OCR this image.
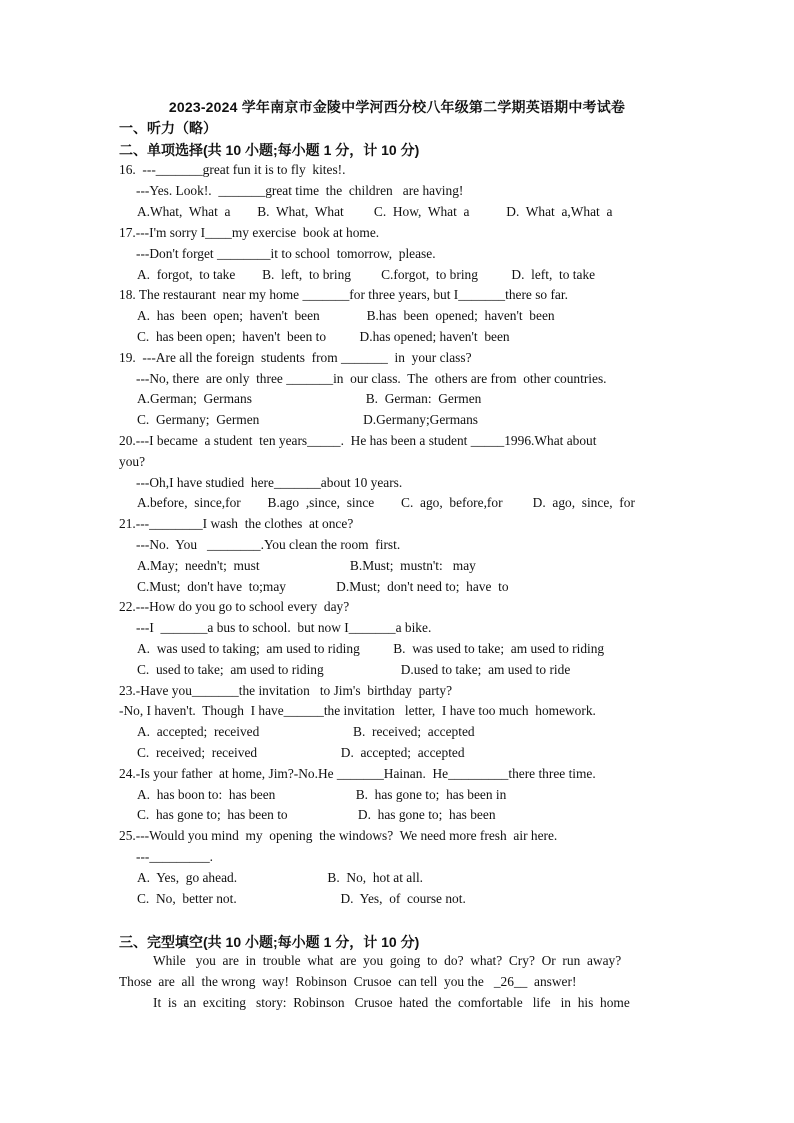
2023-2024 学年南京市金陵中学河西分校八年级第二学期英语期中考试卷
一、听力（略）
二、单项选择(共 10 小题;每小题 1 分，计 10 分)
16.  ---_______great fun it is to fly  kites!.
---Yes. Look!.  _______great time  the  children   are having!
A.What,  What  a        B.  What,  What         C.  How,  What  a           D.  What  a,What  a
17.---I'm sorry I____my exercise  book at home.
---Don't forget ________it to school  tomorrow,  please.
A.  forgot,  to take        B.  left,  to bring         C.forgot,  to bring          D.  left,  to take
18. The restaurant  near my home _______for three years, but I_______there so far.
A.  has  been  open;  haven't  been              B.has  been  opened;  haven't  been
C.  has been open;  haven't  been to          D.has opened; haven't  been
19.  ---Are all the foreign  students  from _______  in  your class?
---No, there  are only  three _______in  our class.  The  others are from  other countries.
A.German;  Germans                                  B.  German:  Germen
C.  Germany;  Germen                               D.Germany;Germans
20.---I became  a student  ten years_____.  He has been a student _____1996.What about
you?
---Oh,I have studied  here_______about 10 years.
A.before,  since,for        B.ago  ,since,  since        C.  ago,  before,for         D.  ago,  since,  for
21.---________I wash  the clothes  at once?
---No.  You   ________.You clean the room  first.
A.May;  needn't;  must                           B.Must;  mustn't:   may
C.Must;  don't have  to;may               D.Must;  don't need to;  have  to
22.---How do you go to school every  day?
---I  _______a bus to school.  but now I_______a bike.
A.  was used to taking;  am used to riding          B.  was used to take;  am used to riding
C.  used to take;  am used to riding                       D.used to take;  am used to ride
23.-Have you_______the invitation   to Jim's  birthday  party?
-No, I haven't.  Though  I have______the invitation   letter,  I have too much  homework.
A.  accepted;  received                            B.  received;  accepted
C.  received;  received                         D.  accepted;  accepted
24.-Is your father  at home, Jim?-No.He _______Hainan.  He_________there three time.
A.  has boon to:  has been                        B.  has gone to;  has been in
C.  has gone to;  has been to                     D.  has gone to;  has been
25.---Would you mind  my  opening  the windows?  We need more fresh  air here.
---_________.
A.  Yes,  go ahead.                           B.  No,  hot at all.
C.  No,  better not.                               D.  Yes,  of  course not.
三、完型填空(共 10 小题;每小题 1 分，计 10 分)
While   you  are  in  trouble  what  are  you  going  to  do?  what?  Cry?  Or  run  away?
Those  are  all  the wrong  way!  Robinson  Crusoe  can tell  you the   _26__  answer!
It  is  an  exciting   story:  Robinson   Crusoe  hated  the  comfortable   life   in  his  home
